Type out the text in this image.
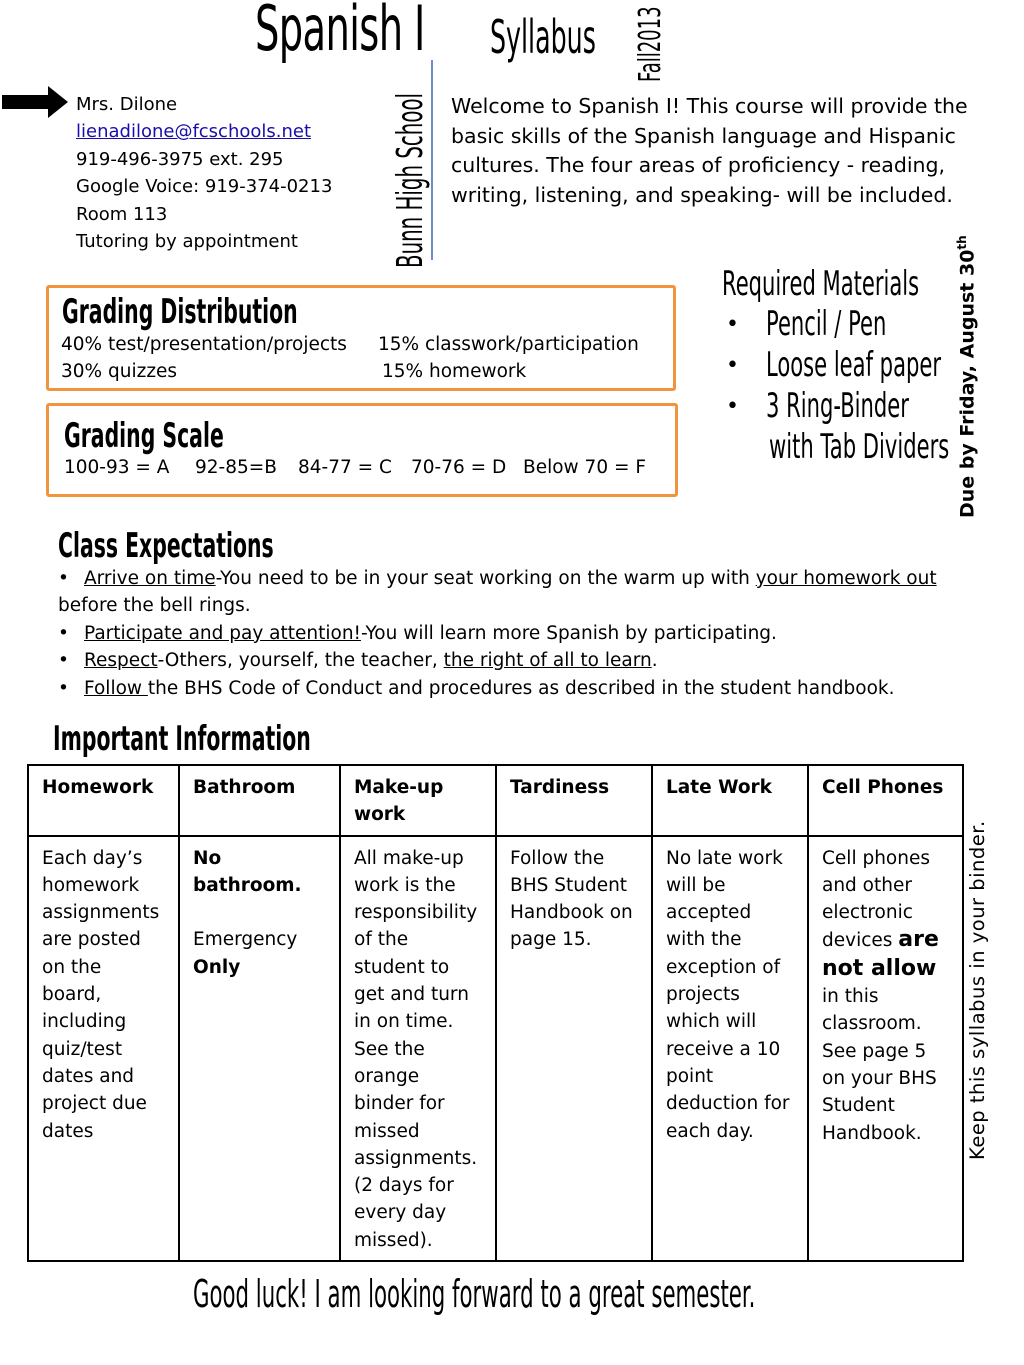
Spanish I Syllabus Fall2013
Bunn High School
Mrs. Dilone
lienadilone@fcschools.net
919-496-3975 ext. 295
Google Voice: 919-374-0213
Room 113
Tutoring by appointment
Welcome to Spanish I! This course will provide the basic skills of the Spanish language and Hispanic cultures. The four areas of proficiency - reading, writing, listening, and speaking- will be included.
Required Materials
• Pencil / Pen
• Loose leaf paper
• 3 Ring-Binder
with Tab Dividers Due by Friday, August 30th
Grading Distribution
40% test/presentation/projects 15% classwork/participation
30% quizzes	15% homework
Grading Scale
100-93 = A 92-85=B 84-77 = C 70-76 = D Below 70 = F
Class Expectations
• Arrive on time-You need to be in your seat working on the warm up with your homework out
before the bell rings.
• Participate and pay attention!-You will learn more Spanish by participating.
• Respect-Others, yourself, the teacher, the right of all to learn.
• Follow the BHS Code of Conduct and procedures as described in the student handbook.
Important Information
Homework	Bathroom	Make-up work	Tardiness	Late Work	Cell Phones
Each day’s homework assignments are posted on the board, including quiz/test dates and project due dates	No bathroom.

Emergency
Only	All make-up work is the responsibility of the student to get and turn in on time. See the orange binder for missed assignments. (2 days for every day missed).	Follow the BHS Student Handbook on page 15.	No late work will be accepted with the exception of projects which will receive a 10 point deduction for each day.	Cell phones and other electronic devices are not allow in this classroom. See page 5 on your BHS Student Handbook. Keep this syllabus in your binder.
Good luck! I am looking forward to a great semester.
